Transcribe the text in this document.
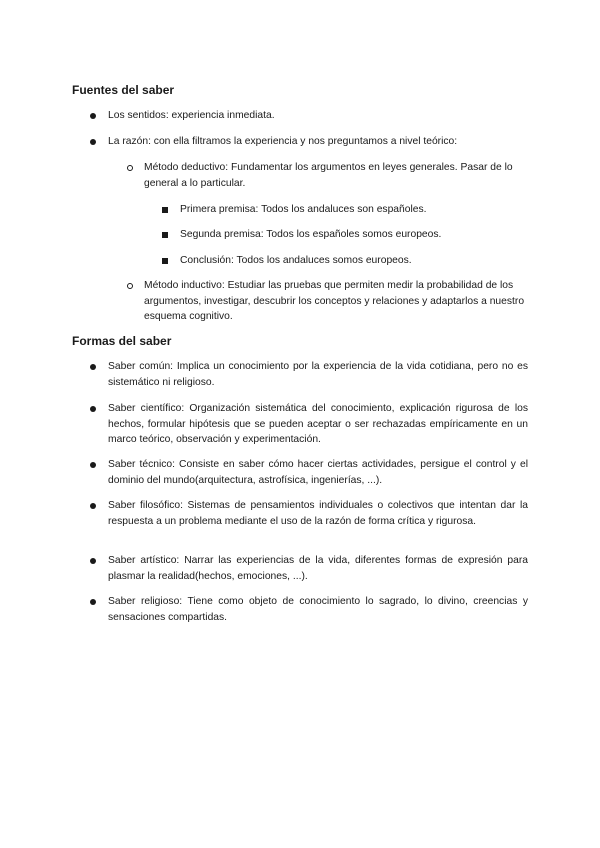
Fuentes del saber
Los sentidos: experiencia inmediata.
La razón: con ella filtramos la experiencia y nos preguntamos a nivel teórico:
Método deductivo: Fundamentar los argumentos en leyes generales. Pasar de lo general a lo particular.
Primera premisa: Todos los andaluces son españoles.
Segunda premisa: Todos los españoles somos europeos.
Conclusión: Todos los andaluces somos europeos.
Método inductivo: Estudiar las pruebas que permiten medir la probabilidad de los argumentos, investigar, descubrir los conceptos y relaciones y adaptarlos a nuestro esquema cognitivo.
Formas del saber
Saber común: Implica un conocimiento por la experiencia de la vida cotidiana, pero no es sistemático ni religioso.
Saber científico: Organización sistemática del conocimiento, explicación rigurosa de los hechos, formular hipótesis que se pueden aceptar o ser rechazadas empíricamente en un marco teórico, observación y experimentación.
Saber técnico: Consiste en saber cómo hacer ciertas actividades, persigue el control y el dominio del mundo(arquitectura, astrofísica, ingenierías, ...).
Saber filosófico: Sistemas de pensamientos individuales o colectivos que intentan dar la respuesta a un problema mediante el uso de la razón de forma crítica y rigurosa.
Saber artístico: Narrar las experiencias de la vida, diferentes formas de expresión para plasmar la realidad(hechos, emociones, ...).
Saber religioso: Tiene como objeto de conocimiento lo sagrado, lo divino, creencias y sensaciones compartidas.
